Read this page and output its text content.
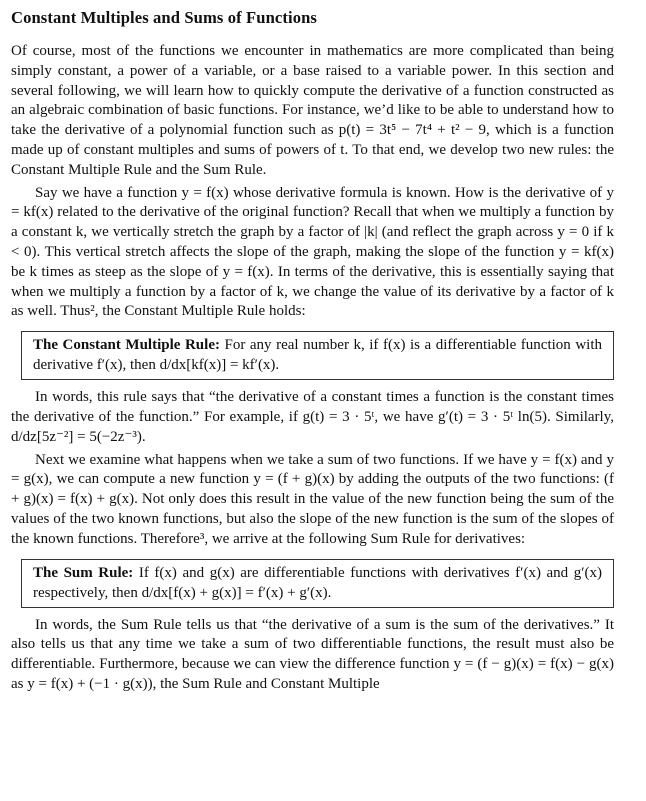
Constant Multiples and Sums of Functions

Of course, most of the functions we encounter in mathematics are more complicated than being simply constant, a power of a variable, or a base raised to a variable power. In this section and several following, we will learn how to quickly compute the derivative of a function constructed as an algebraic combination of basic functions. For instance, we’d like to be able to understand how to take the derivative of a polynomial function such as p(t) = 3t⁵ − 7t⁴ + t² − 9, which is a function made up of constant multiples and sums of powers of t. To that end, we develop two new rules: the Constant Multiple Rule and the Sum Rule.

Say we have a function y = f(x) whose derivative formula is known. How is the derivative of y = kf(x) related to the derivative of the original function? Recall that when we multiply a function by a constant k, we vertically stretch the graph by a factor of |k| (and reflect the graph across y = 0 if k < 0). This vertical stretch affects the slope of the graph, making the slope of the function y = kf(x) be k times as steep as the slope of y = f(x). In terms of the derivative, this is essentially saying that when we multiply a function by a factor of k, we change the value of its derivative by a factor of k as well. Thus², the Constant Multiple Rule holds:

The Constant Multiple Rule: For any real number k, if f(x) is a differentiable function with derivative f′(x), then d/dx[kf(x)] = kf′(x).

In words, this rule says that “the derivative of a constant times a function is the constant times the derivative of the function.” For example, if g(t) = 3 · 5ᵗ, we have g′(t) = 3 · 5ᵗ ln(5). Similarly, d/dz[5z⁻²] = 5(−2z⁻³).

Next we examine what happens when we take a sum of two functions. If we have y = f(x) and y = g(x), we can compute a new function y = (f + g)(x) by adding the outputs of the two functions: (f + g)(x) = f(x) + g(x). Not only does this result in the value of the new function being the sum of the values of the two known functions, but also the slope of the new function is the sum of the slopes of the known functions. Therefore³, we arrive at the following Sum Rule for derivatives:

The Sum Rule: If f(x) and g(x) are differentiable functions with derivatives f′(x) and g′(x) respectively, then d/dx[f(x) + g(x)] = f′(x) + g′(x).

In words, the Sum Rule tells us that “the derivative of a sum is the sum of the derivatives.” It also tells us that any time we take a sum of two differentiable functions, the result must also be differentiable. Furthermore, because we can view the difference function y = (f − g)(x) = f(x) − g(x) as y = f(x) + (−1 · g(x)), the Sum Rule and Constant Multiple
